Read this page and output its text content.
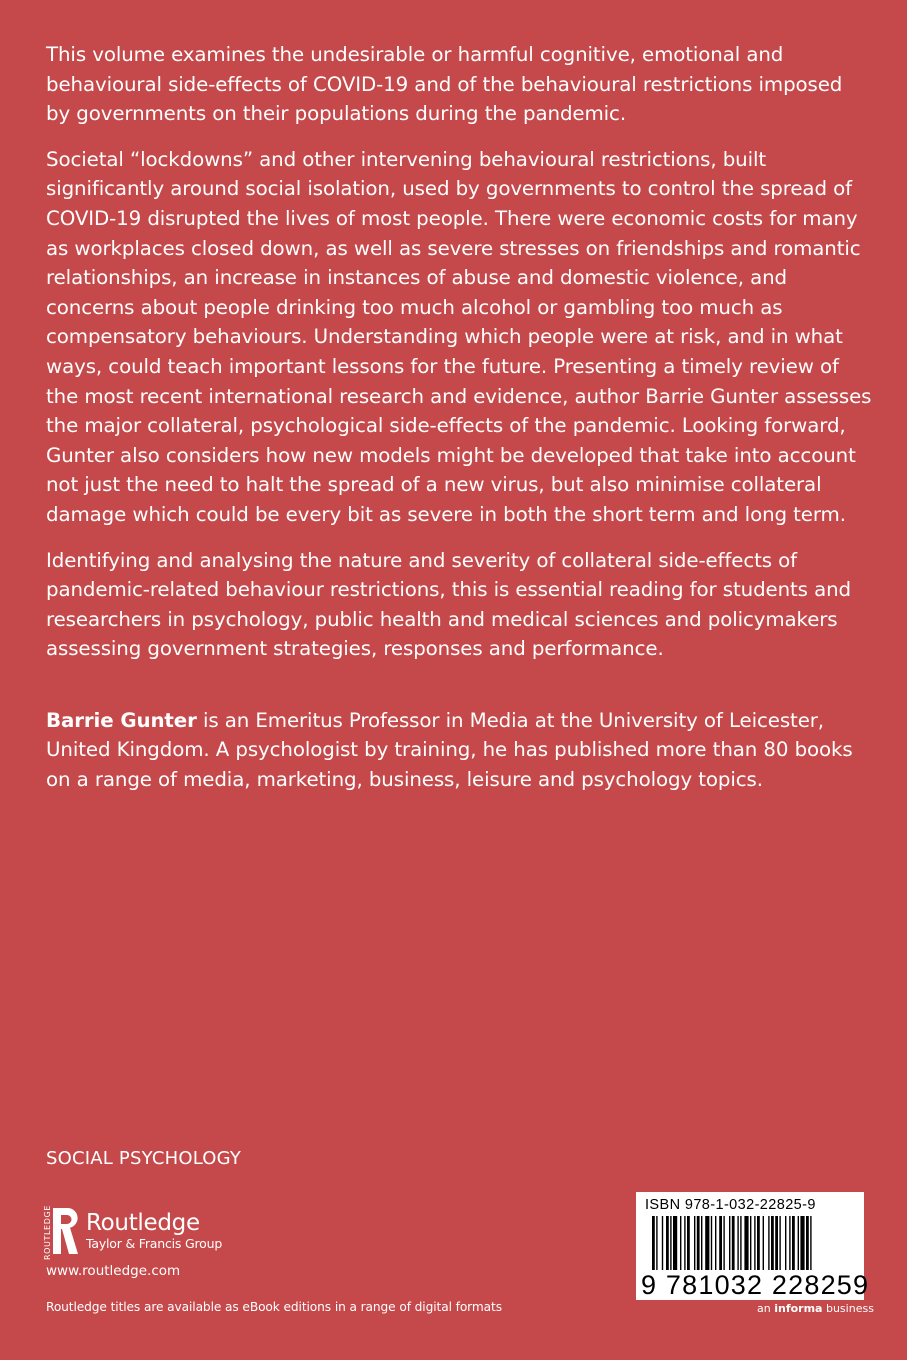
This volume examines the undesirable or harmful cognitive, emotional and behavioural side-effects of COVID-19 and of the behavioural restrictions imposed by governments on their populations during the pandemic.

Societal “lockdowns” and other intervening behavioural restrictions, built significantly around social isolation, used by governments to control the spread of COVID-19 disrupted the lives of most people. There were economic costs for many as workplaces closed down, as well as severe stresses on friendships and romantic relationships, an increase in instances of abuse and domestic violence, and concerns about people drinking too much alcohol or gambling too much as compensatory behaviours. Understanding which people were at risk, and in what ways, could teach important lessons for the future. Presenting a timely review of the most recent international research and evidence, author Barrie Gunter assesses the major collateral, psychological side-effects of the pandemic. Looking forward, Gunter also considers how new models might be developed that take into account not just the need to halt the spread of a new virus, but also minimise collateral damage which could be every bit as severe in both the short term and long term.

Identifying and analysing the nature and severity of collateral side-effects of pandemic-related behaviour restrictions, this is essential reading for students and researchers in psychology, public health and medical sciences and policymakers assessing government strategies, responses and performance.

Barrie Gunter is an Emeritus Professor in Media at the University of Leicester, United Kingdom. A psychologist by training, he has published more than 80 books on a range of media, marketing, business, leisure and psychology topics.

SOCIAL PSYCHOLOGY
ROUTLEDGE Routledge
Taylor & Francis Group
www.routledge.com
Routledge titles are available as eBook editions in a range of digital formats
ISBN 978-1-032-22825-9
9 781032 228259
an informa business
